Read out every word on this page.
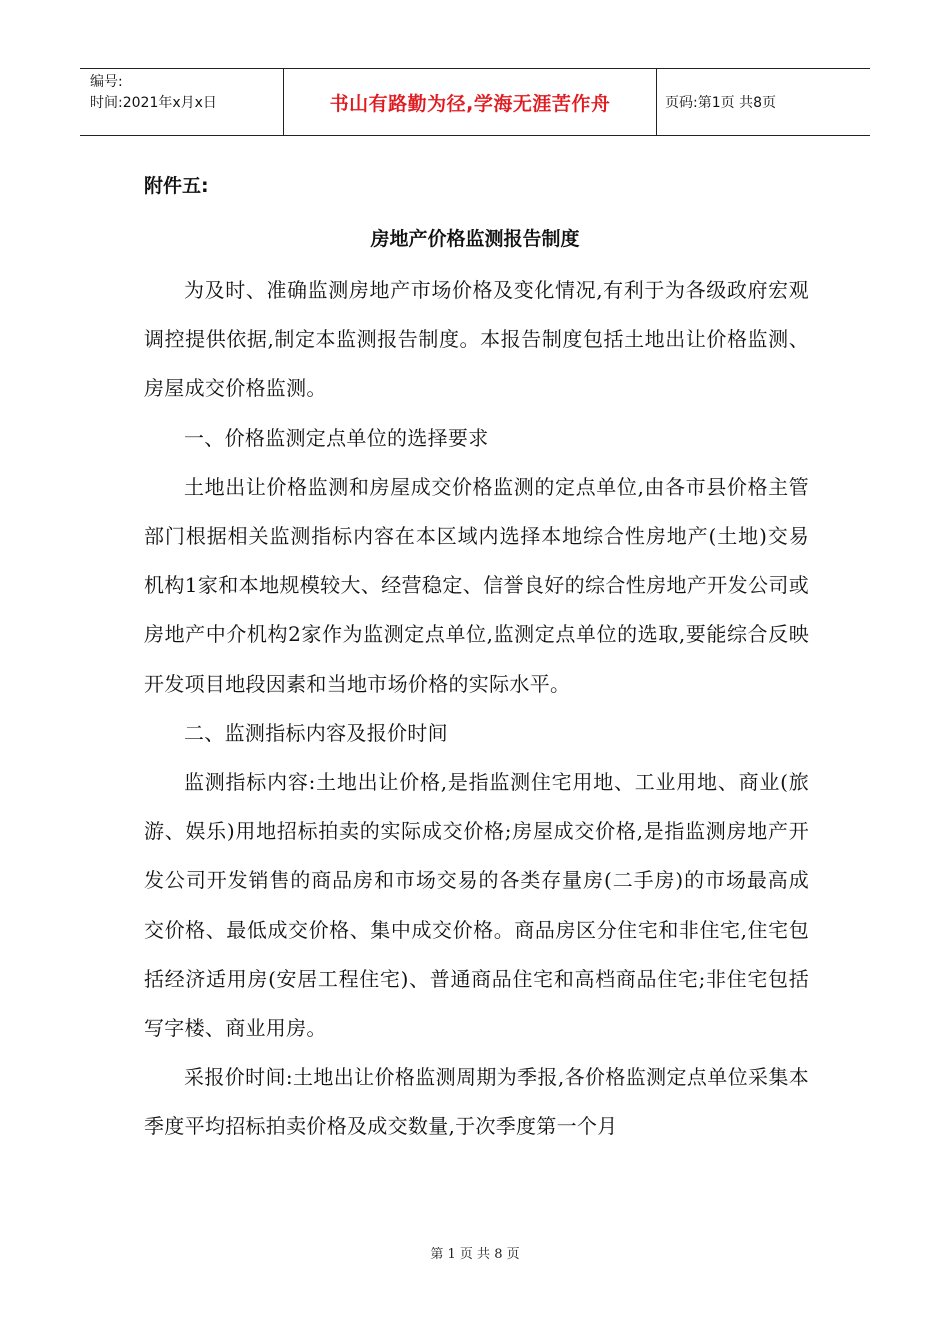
编号:
时间:2021年x月x日	书山有路勤为径,学海无涯苦作舟	页码:第1页 共8页
附件五:
房地产价格监测报告制度

为及时、准确监测房地产市场价格及变化情况,有利于为各级政府宏观调控提供依据,制定本监测报告制度。本报告制度包括土地出让价格监测、房屋成交价格监测。

一、价格监测定点单位的选择要求

土地出让价格监测和房屋成交价格监测的定点单位,由各市县价格主管部门根据相关监测指标内容在本区域内选择本地综合性房地产(土地)交易机构1家和本地规模较大、经营稳定、信誉良好的综合性房地产开发公司或房地产中介机构2家作为监测定点单位,监测定点单位的选取,要能综合反映开发项目地段因素和当地市场价格的实际水平。

二、监测指标内容及报价时间

监测指标内容:土地出让价格,是指监测住宅用地、工业用地、商业(旅游、娱乐)用地招标拍卖的实际成交价格;房屋成交价格,是指监测房地产开发公司开发销售的商品房和市场交易的各类存量房(二手房)的市场最高成交价格、最低成交价格、集中成交价格。商品房区分住宅和非住宅,住宅包括经济适用房(安居工程住宅)、普通商品住宅和高档商品住宅;非住宅包括写字楼、商业用房。

采报价时间:土地出让价格监测周期为季报,各价格监测定点单位采集本季度平均招标拍卖价格及成交数量,于次季度第一个月

第 1 页 共 8 页
